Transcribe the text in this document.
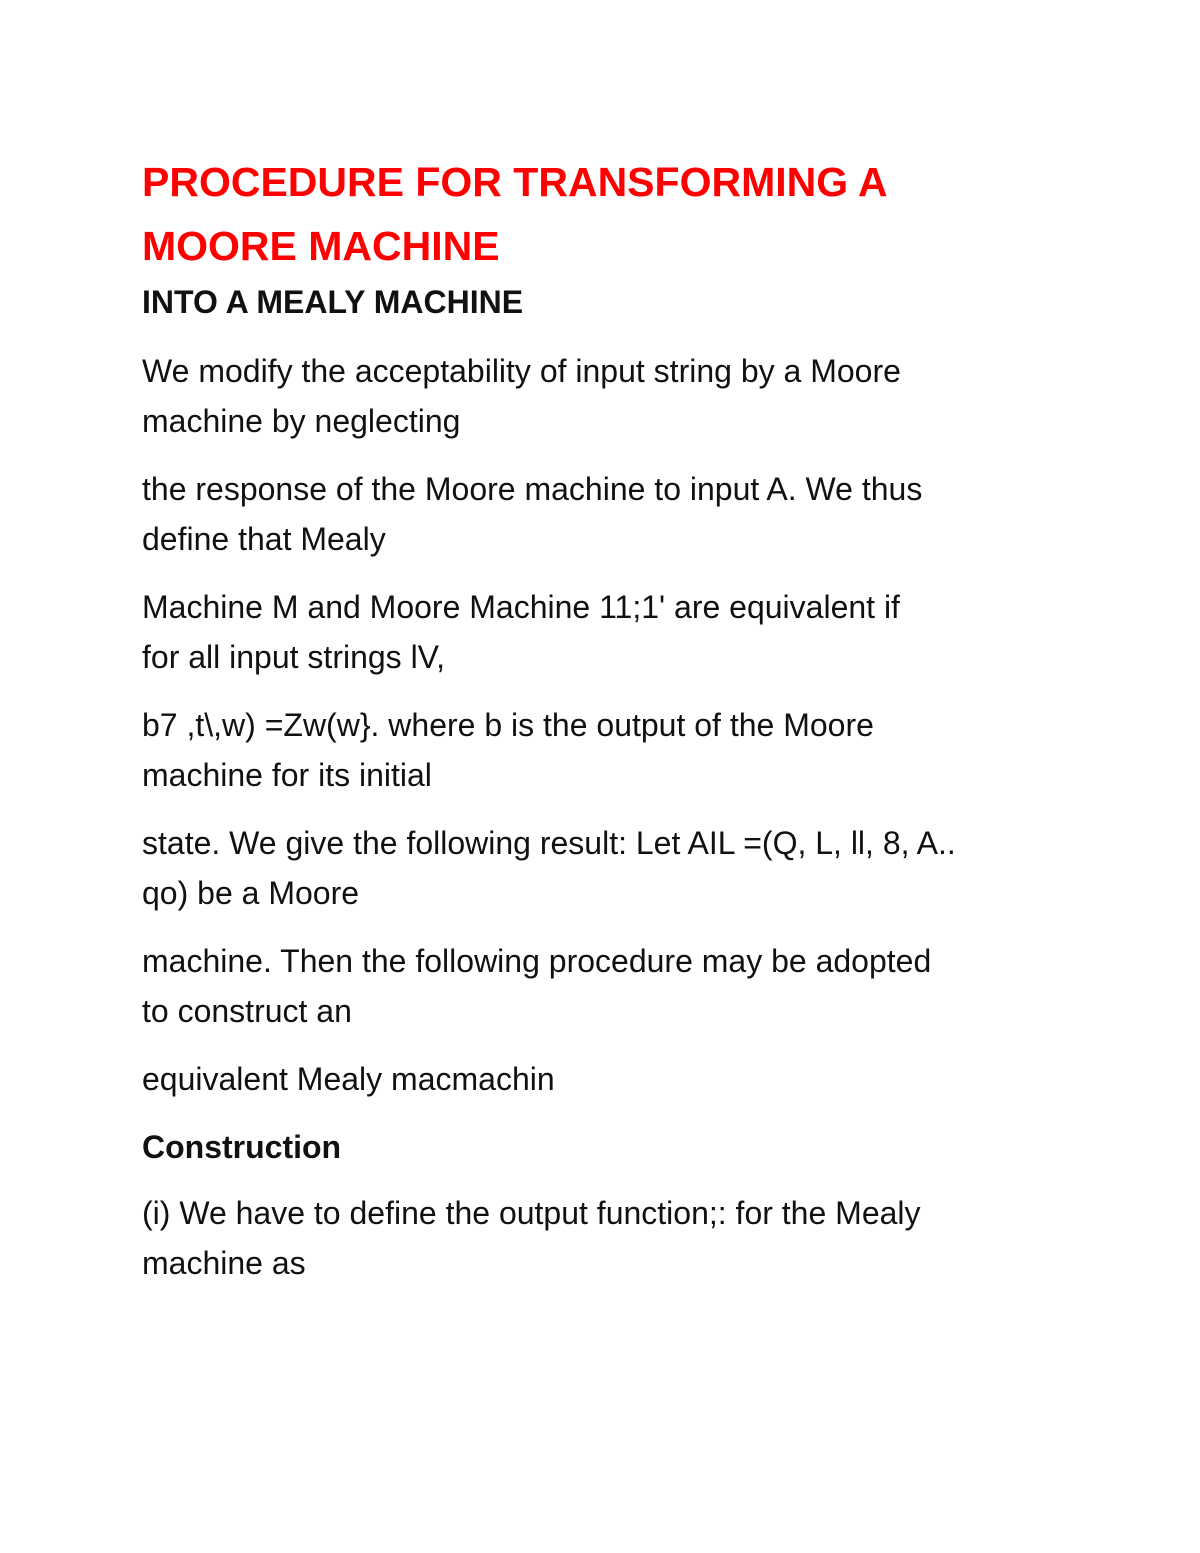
PROCEDURE FOR TRANSFORMING A
MOORE MACHINE
INTO A MEALY MACHINE
We modify the acceptability of input string by a Moore
machine by neglecting
the response of the Moore machine to input A. We thus
define that Mealy
Machine M and Moore Machine 11;1' are equivalent if
for all input strings lV,
b7 ,t\,w) =Zw(w}. where b is the output of the Moore
machine for its initial
state. We give the following result: Let AIL =(Q, L, ll, 8, A..
qo) be a Moore
machine. Then the following procedure may be adopted
to construct an
equivalent Mealy macmachin
Construction
(i) We have to define the output function;: for the Mealy
machine as
